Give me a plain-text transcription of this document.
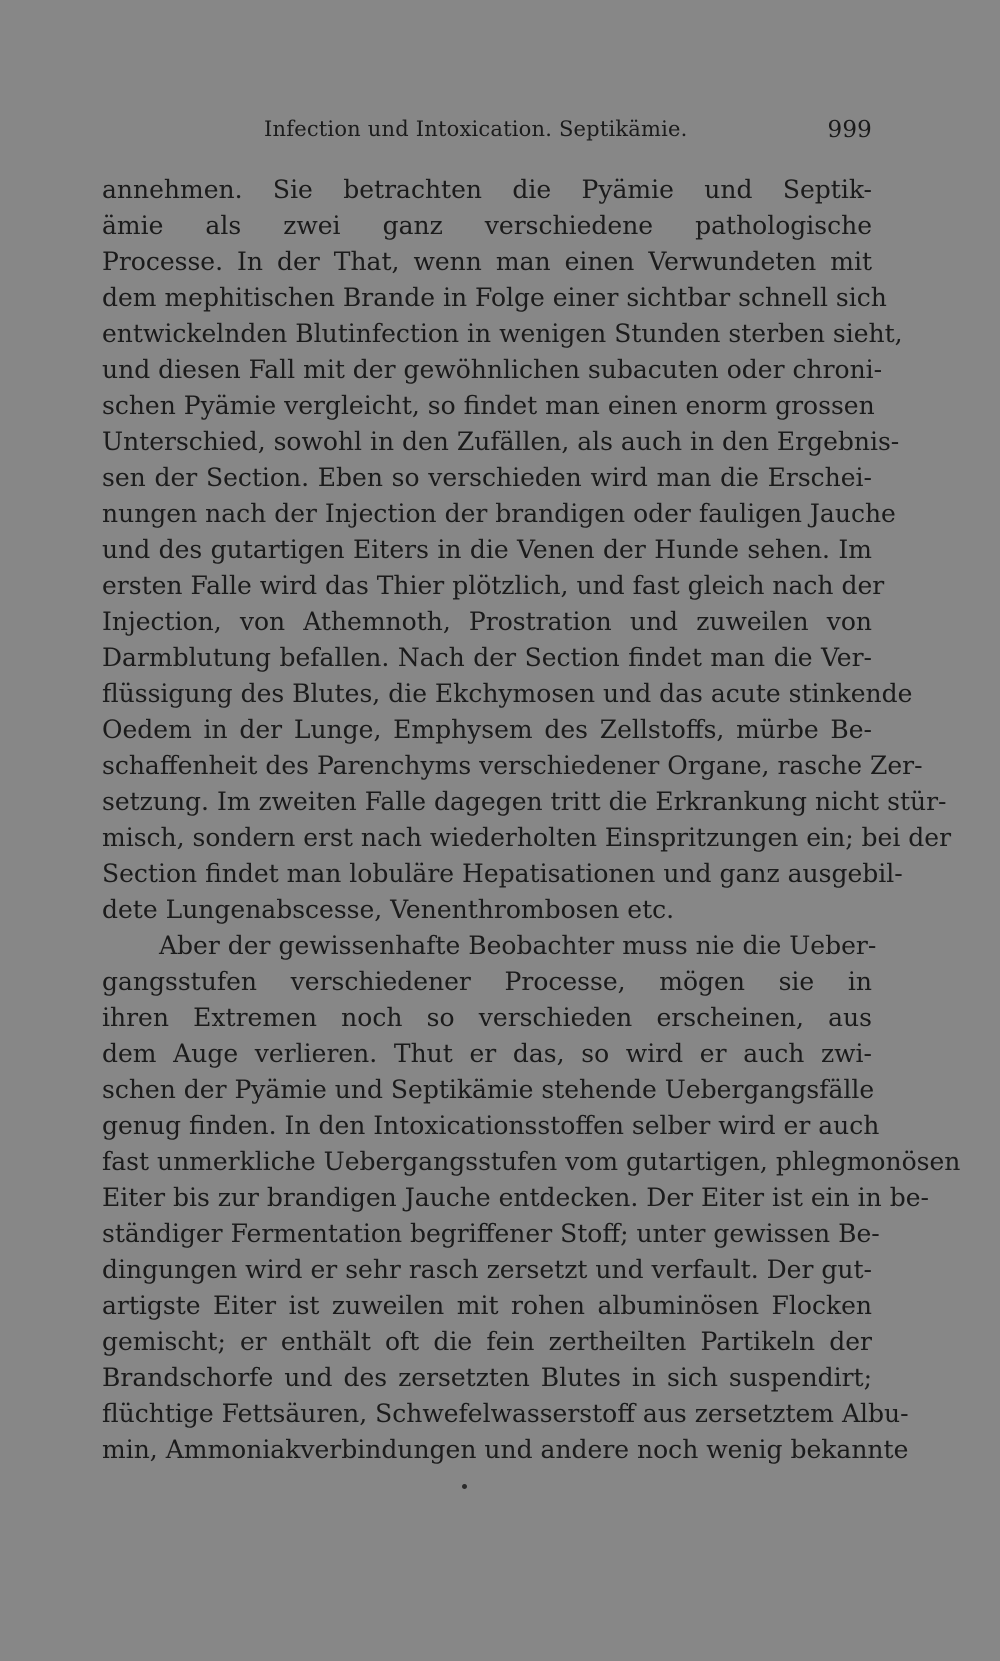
Infection und Intoxication. Septikämie.	999
annehmen. Sie betrachten die Pyämie und Septik-
ämie als zwei ganz verschiedene pathologische
Processe. In der That, wenn man einen Verwundeten mit
dem mephitischen Brande in Folge einer sichtbar schnell sich
entwickelnden Blutinfection in wenigen Stunden sterben sieht,
und diesen Fall mit der gewöhnlichen subacuten oder chroni-
schen Pyämie vergleicht, so findet man einen enorm grossen
Unterschied, sowohl in den Zufällen, als auch in den Ergebnis-
sen der Section. Eben so verschieden wird man die Erschei-
nungen nach der Injection der brandigen oder fauligen Jauche
und des gutartigen Eiters in die Venen der Hunde sehen. Im
ersten Falle wird das Thier plötzlich, und fast gleich nach der
Injection, von Athemnoth, Prostration und zuweilen von
Darmblutung befallen. Nach der Section findet man die Ver-
flüssigung des Blutes, die Ekchymosen und das acute stinkende
Oedem in der Lunge, Emphysem des Zellstoffs, mürbe Be-
schaffenheit des Parenchyms verschiedener Organe, rasche Zer-
setzung. Im zweiten Falle dagegen tritt die Erkrankung nicht stür-
misch, sondern erst nach wiederholten Einspritzungen ein; bei der
Section findet man lobuläre Hepatisationen und ganz ausgebil-
dete Lungenabscesse, Venenthrombosen etc.
Aber der gewissenhafte Beobachter muss nie die Ueber-
gangsstufen verschiedener Processe, mögen sie in
ihren Extremen noch so verschieden erscheinen, aus
dem Auge verlieren. Thut er das, so wird er auch zwi-
schen der Pyämie und Septikämie stehende Uebergangsfälle
genug finden. In den Intoxicationsstoffen selber wird er auch
fast unmerkliche Uebergangsstufen vom gutartigen, phlegmonösen
Eiter bis zur brandigen Jauche entdecken. Der Eiter ist ein in be-
ständiger Fermentation begriffener Stoff; unter gewissen Be-
dingungen wird er sehr rasch zersetzt und verfault. Der gut-
artigste Eiter ist zuweilen mit rohen albuminösen Flocken
gemischt; er enthält oft die fein zertheilten Partikeln der
Brandschorfe und des zersetzten Blutes in sich suspendirt;
flüchtige Fettsäuren, Schwefelwasserstoff aus zersetztem Albu-
min, Ammoniakverbindungen und andere noch wenig bekannte
